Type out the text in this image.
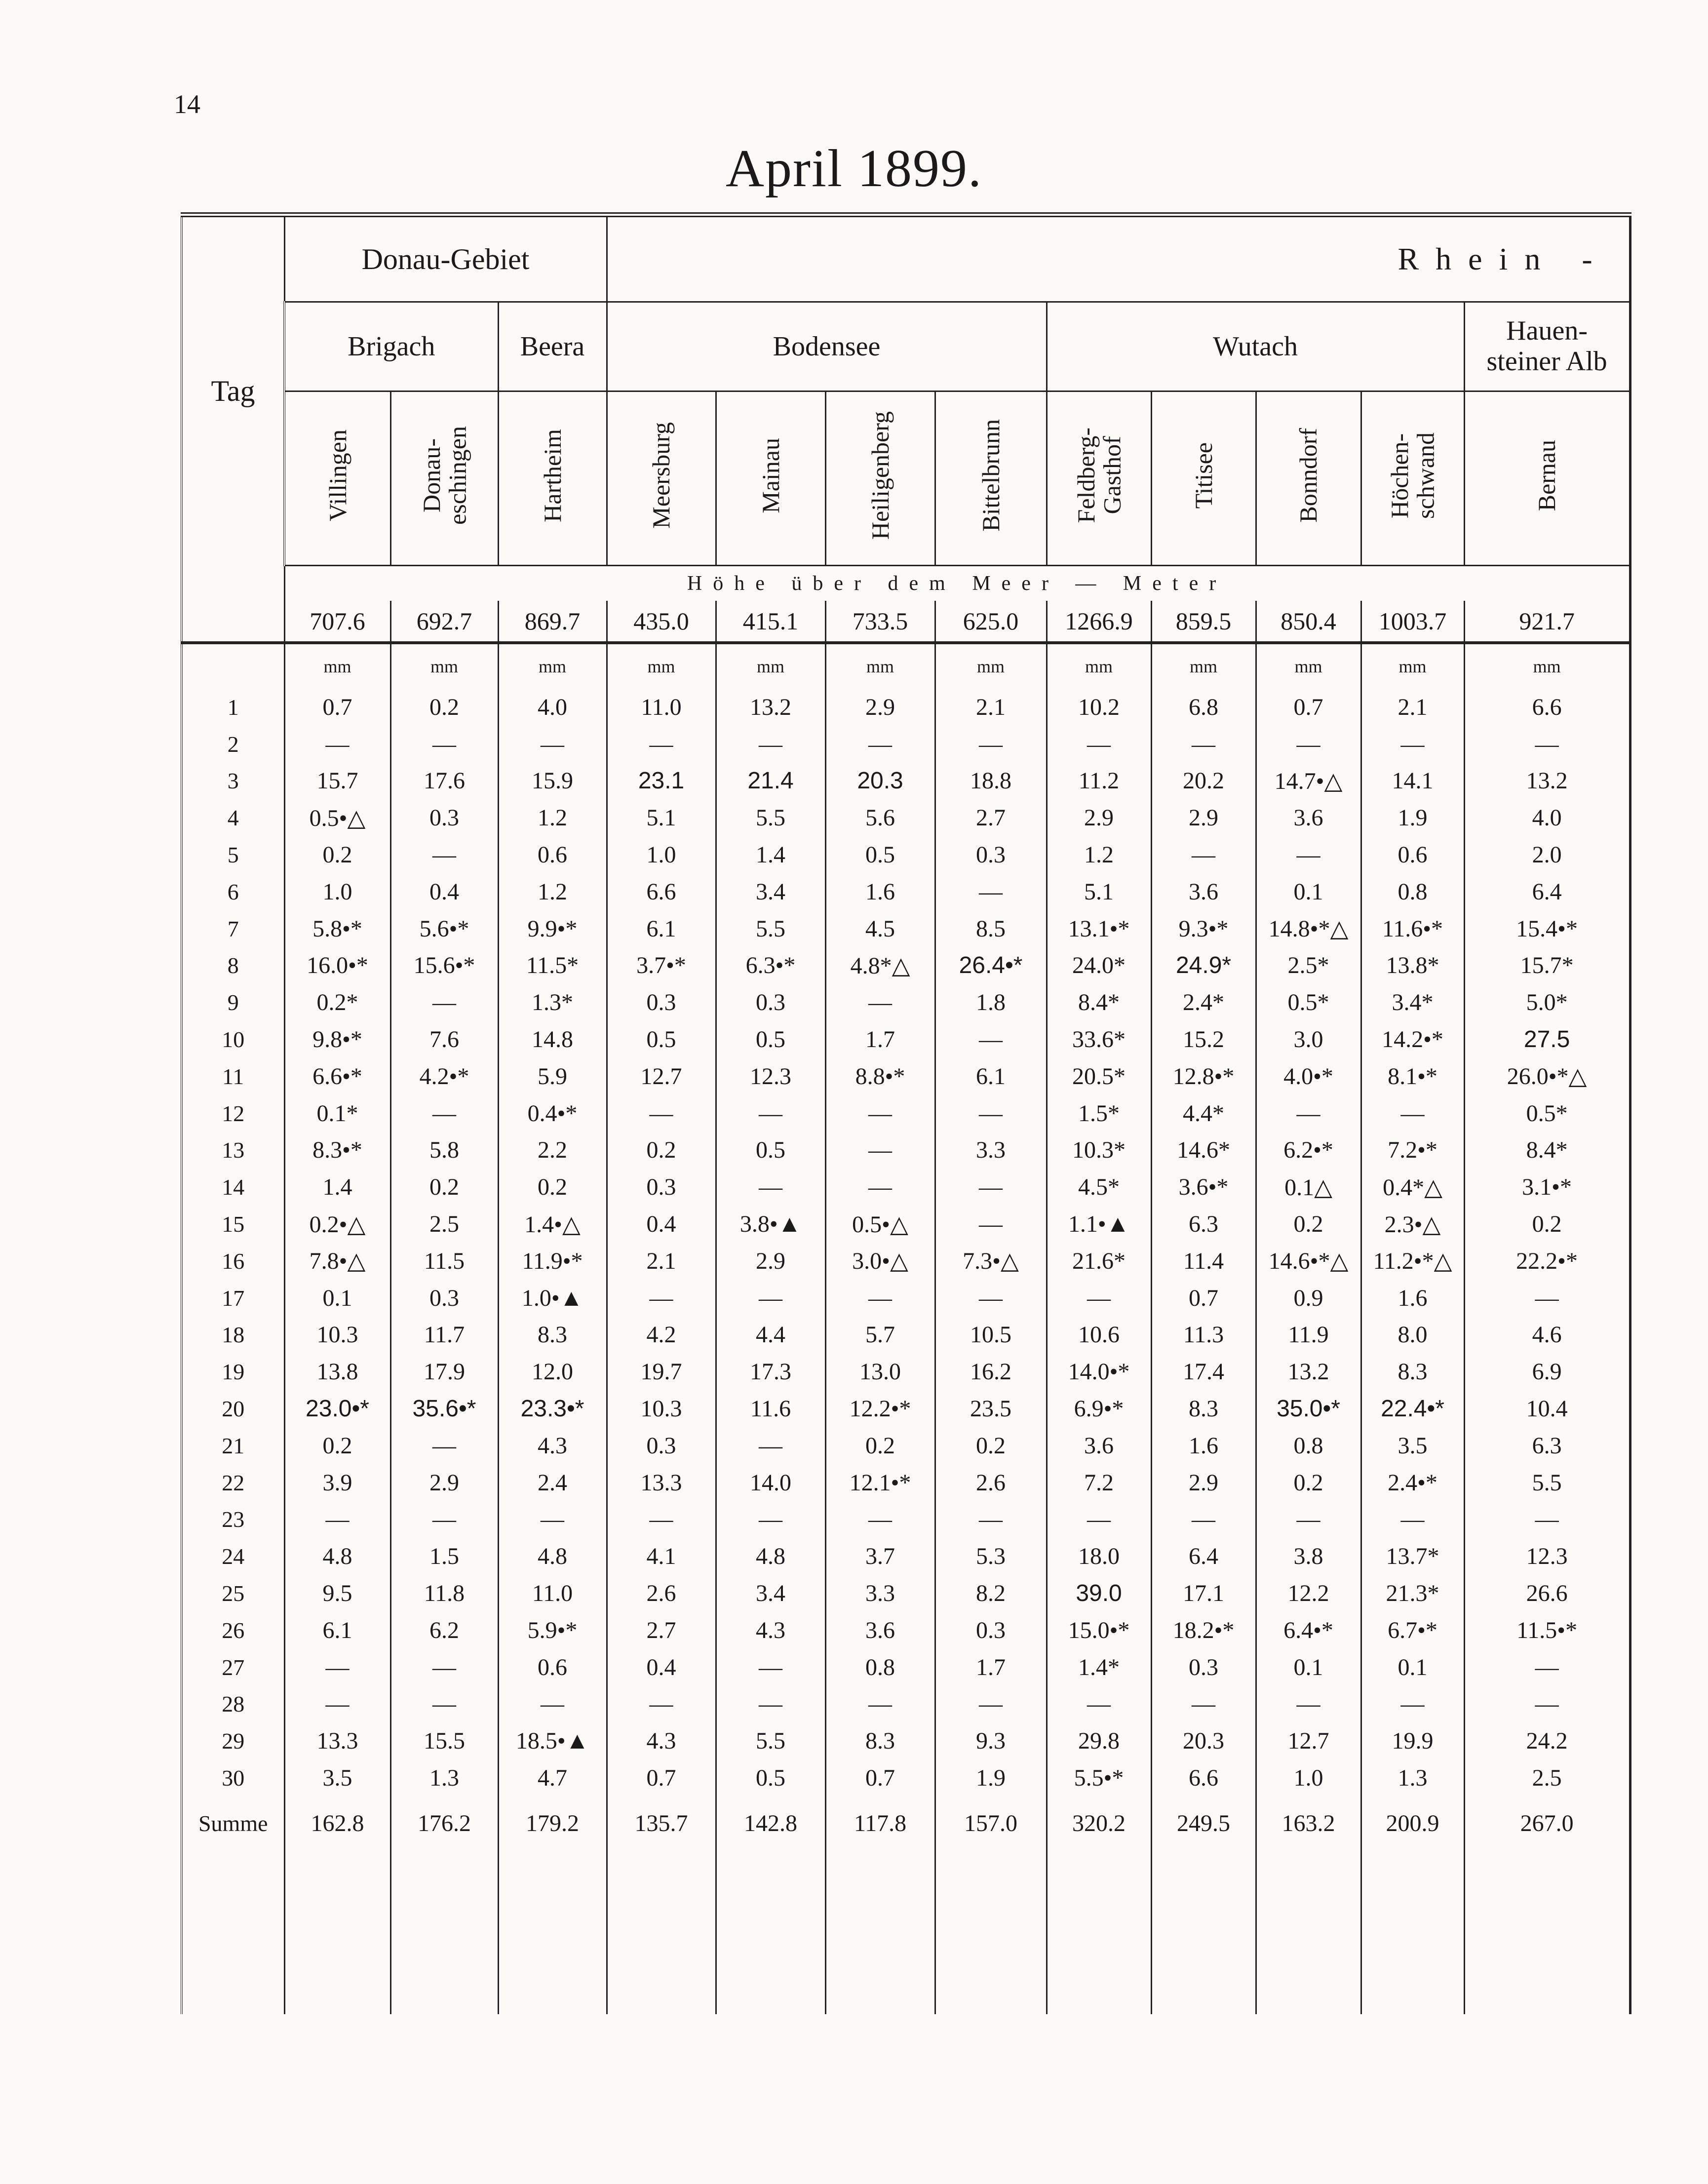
14
April 1899.
Tag	Donau-Gebiet			Rhein -								
	Brigach		Beera	Bodensee				Wutach				Hauen-
steiner Alb
	Villingen	Donau-
eschingen	Hartheim	Meersburg	Mainau	Heiligenberg	Bittelbrunn	Feldberg-
Gasthof	Titisee	Bonndorf	Höchen-
schwand	Bernau
	Höhe über dem Meer — Meter											
	707.6	692.7	869.7	435.0	415.1	733.5	625.0	1266.9	859.5	850.4	1003.7	921.7
	mm	mm	mm	mm	mm	mm	mm	mm	mm	mm	mm	mm
1	0.7	0.2	4.0	11.0	13.2	2.9	2.1	10.2	6.8	0.7	2.1	6.6
2	—	—	—	—	—	—	—	—	—	—	—	—
3	15.7	17.6	15.9	23.1	21.4	20.3	18.8	11.2	20.2	14.7•△	14.1	13.2
4	0.5•△	0.3	1.2	5.1	5.5	5.6	2.7	2.9	2.9	3.6	1.9	4.0
5	0.2	—	0.6	1.0	1.4	0.5	0.3	1.2	—	—	0.6	2.0
6	1.0	0.4	1.2	6.6	3.4	1.6	—	5.1	3.6	0.1	0.8	6.4
7	5.8•*	5.6•*	9.9•*	6.1	5.5	4.5	8.5	13.1•*	9.3•*	14.8•*△	11.6•*	15.4•*
8	16.0•*	15.6•*	11.5*	3.7•*	6.3•*	4.8*△	26.4•*	24.0*	24.9*	2.5*	13.8*	15.7*
9	0.2*	—	1.3*	0.3	0.3	—	1.8	8.4*	2.4*	0.5*	3.4*	5.0*
10	9.8•*	7.6	14.8	0.5	0.5	1.7	—	33.6*	15.2	3.0	14.2•*	27.5
11	6.6•*	4.2•*	5.9	12.7	12.3	8.8•*	6.1	20.5*	12.8•*	4.0•*	8.1•*	26.0•*△
12	0.1*	—	0.4•*	—	—	—	—	1.5*	4.4*	—	—	0.5*
13	8.3•*	5.8	2.2	0.2	0.5	—	3.3	10.3*	14.6*	6.2•*	7.2•*	8.4*
14	1.4	0.2	0.2	0.3	—	—	—	4.5*	3.6•*	0.1△	0.4*△	3.1•*
15	0.2•△	2.5	1.4•△	0.4	3.8•▲	0.5•△	—	1.1•▲	6.3	0.2	2.3•△	0.2
16	7.8•△	11.5	11.9•*	2.1	2.9	3.0•△	7.3•△	21.6*	11.4	14.6•*△	11.2•*△	22.2•*
17	0.1	0.3	1.0•▲	—	—	—	—	—	0.7	0.9	1.6	—
18	10.3	11.7	8.3	4.2	4.4	5.7	10.5	10.6	11.3	11.9	8.0	4.6
19	13.8	17.9	12.0	19.7	17.3	13.0	16.2	14.0•*	17.4	13.2	8.3	6.9
20	23.0•*	35.6•*	23.3•*	10.3	11.6	12.2•*	23.5	6.9•*	8.3	35.0•*	22.4•*	10.4
21	0.2	—	4.3	0.3	—	0.2	0.2	3.6	1.6	0.8	3.5	6.3
22	3.9	2.9	2.4	13.3	14.0	12.1•*	2.6	7.2	2.9	0.2	2.4•*	5.5
23	—	—	—	—	—	—	—	—	—	—	—	—
24	4.8	1.5	4.8	4.1	4.8	3.7	5.3	18.0	6.4	3.8	13.7*	12.3
25	9.5	11.8	11.0	2.6	3.4	3.3	8.2	39.0	17.1	12.2	21.3*	26.6
26	6.1	6.2	5.9•*	2.7	4.3	3.6	0.3	15.0•*	18.2•*	6.4•*	6.7•*	11.5•*
27	—	—	0.6	0.4	—	0.8	1.7	1.4*	0.3	0.1	0.1	—
28	—	—	—	—	—	—	—	—	—	—	—	—
29	13.3	15.5	18.5•▲	4.3	5.5	8.3	9.3	29.8	20.3	12.7	19.9	24.2
30	3.5	1.3	4.7	0.7	0.5	0.7	1.9	5.5•*	6.6	1.0	1.3	2.5
Summe	162.8	176.2	179.2	135.7	142.8	117.8	157.0	320.2	249.5	163.2	200.9	267.0
